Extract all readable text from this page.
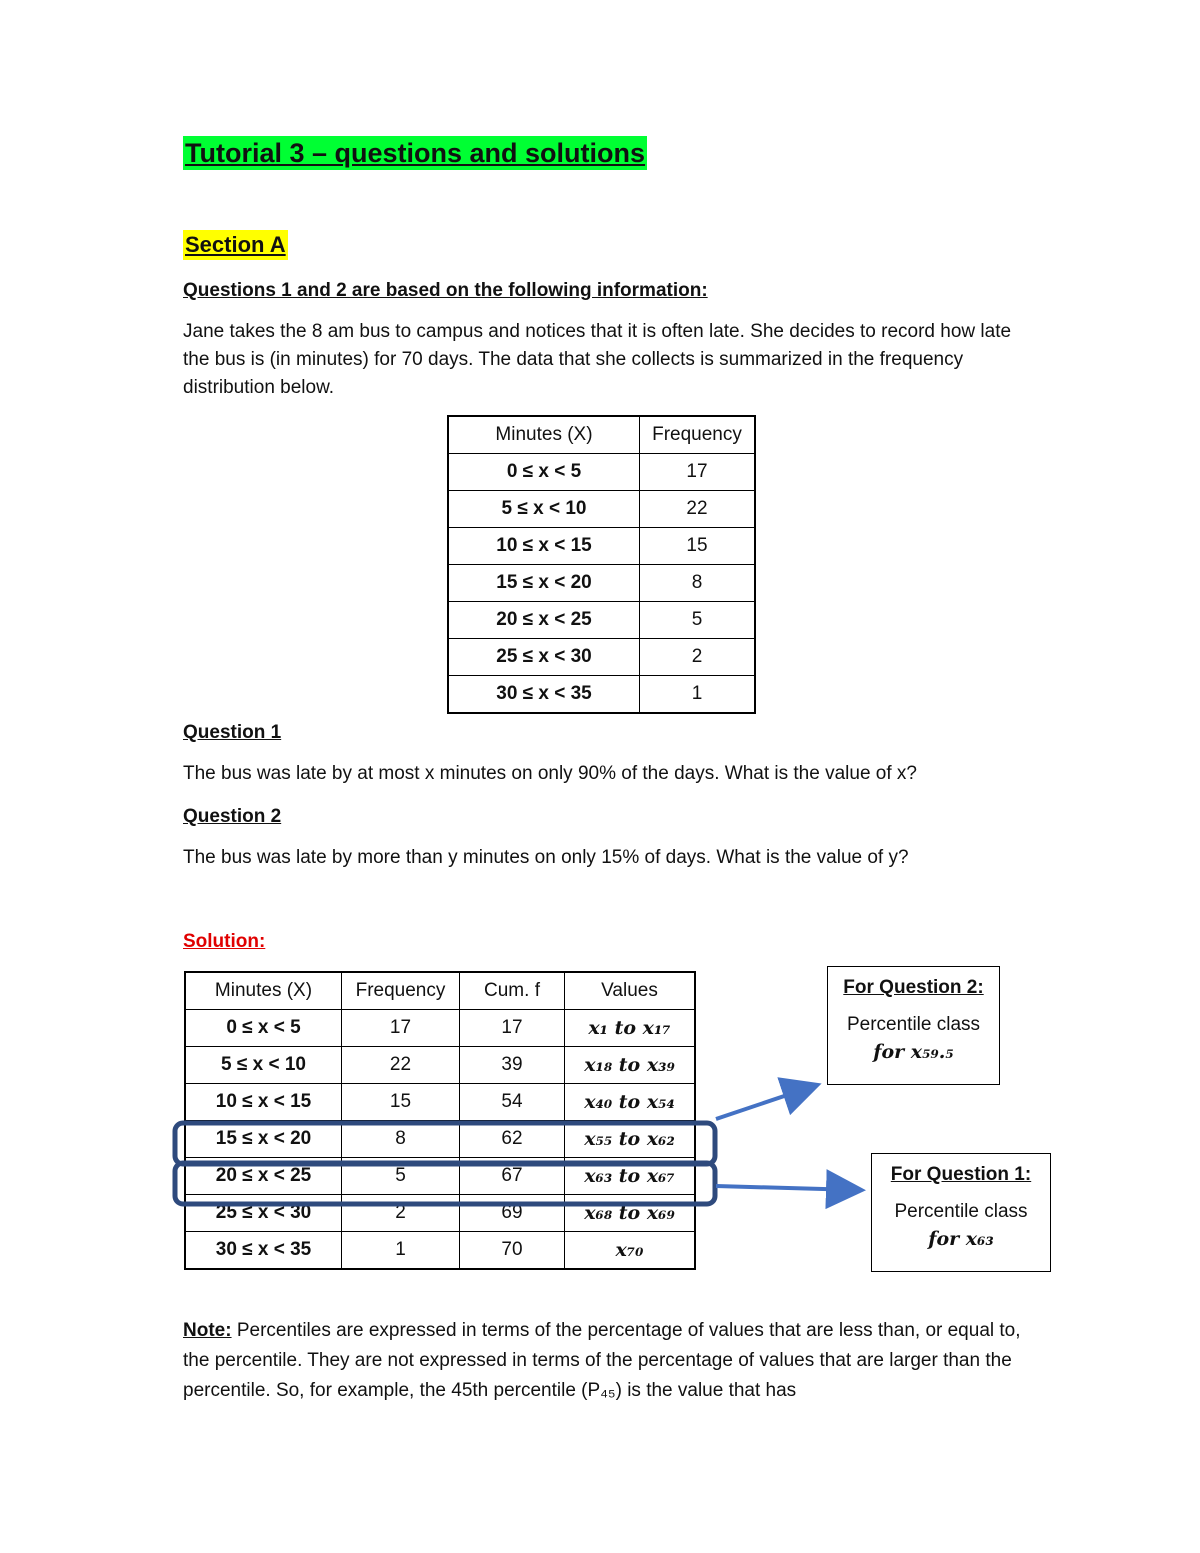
Tutorial 3 – questions and solutions
Section A
Questions 1 and 2 are based on the following information:
Jane takes the 8 am bus to campus and notices that it is often late. She decides to record how late the bus is (in minutes) for 70 days. The data that she collects is summarized in the frequency distribution below.
Minutes (X)	Frequency
0 ≤ x < 5	17
5 ≤ x < 10	22
10 ≤ x < 15	15
15 ≤ x < 20	8
20 ≤ x < 25	5
25 ≤ x < 30	2
30 ≤ x < 35	1
Question 1
The bus was late by at most x minutes on only 90% of the days. What is the value of x?
Question 2
The bus was late by more than y minutes on only 15% of days. What is the value of y?
Solution:
Minutes (X)	Frequency	Cum. f	Values
0 ≤ x < 5	17	17	x₁ to x₁₇
5 ≤ x < 10	22	39	x₁₈ to x₃₉
10 ≤ x < 15	15	54	x₄₀ to x₅₄
15 ≤ x < 20	8	62	x₅₅ to x₆₂
20 ≤ x < 25	5	67	x₆₃ to x₆₇
25 ≤ x < 30	2	69	x₆₈ to x₆₉
30 ≤ x < 35	1	70	x₇₀
For Question 2:
Percentile class
for x₅₉.₅
For Question 1:
Percentile class
for x₆₃
Note: Percentiles are expressed in terms of the percentage of values that are less than, or equal to, the percentile. They are not expressed in terms of the percentage of values that are larger than the percentile. So, for example, the 45th percentile (P₄₅) is the value that has
